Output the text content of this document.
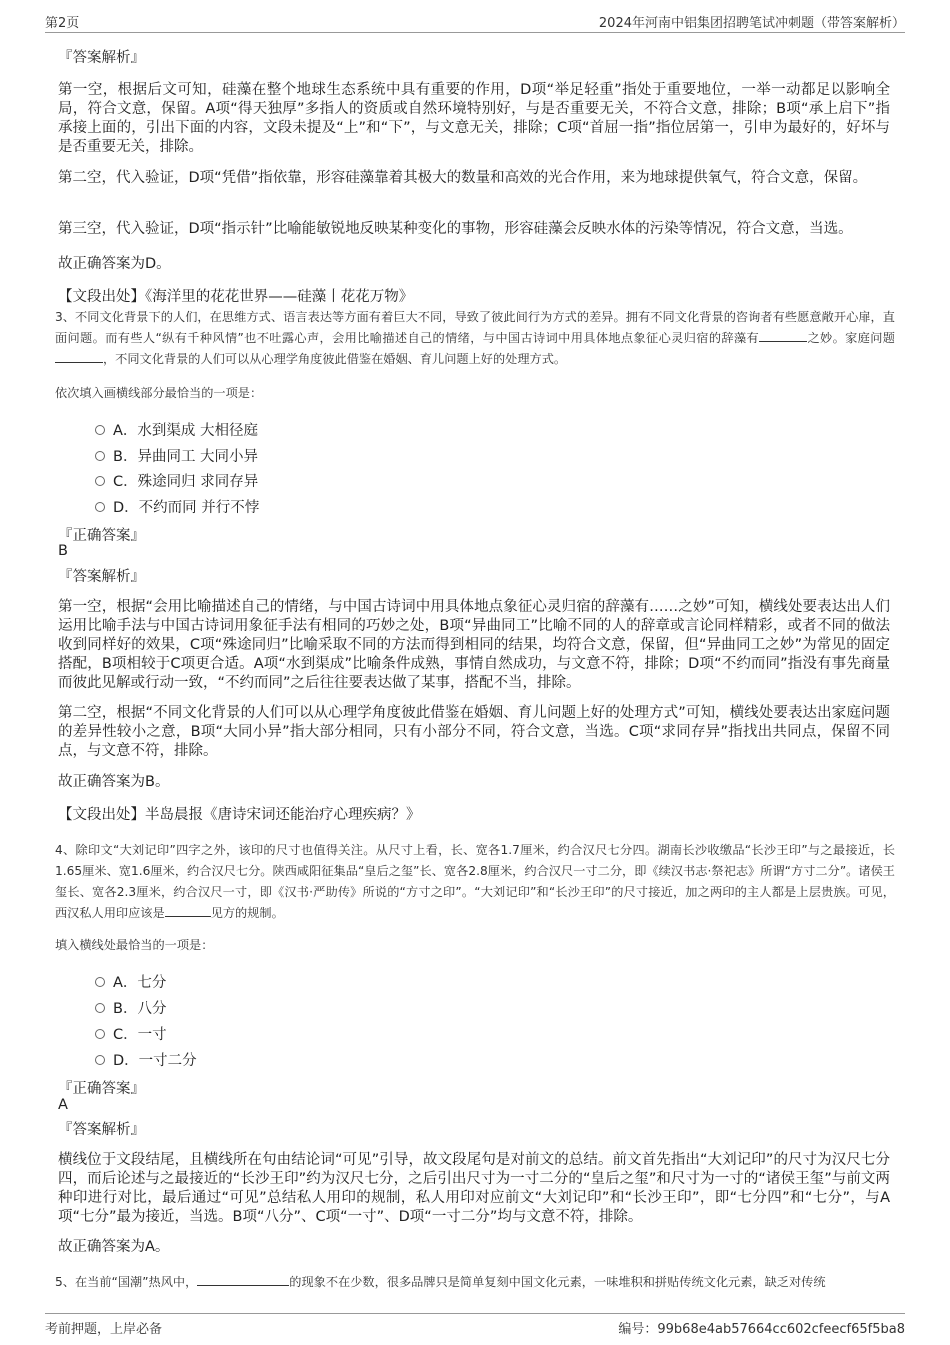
第2页	2024年河南中铝集团招聘笔试冲刺题（带答案解析）
『答案解析』

第一空，根据后文可知，硅藻在整个地球生态系统中具有重要的作用，D项“举足轻重”指处于重要地位，一举一动都足以影响全局，符合文意，保留。A项“得天独厚”多指人的资质或自然环境特别好，与是否重要无关，不符合文意，排除；B项“承上启下”指承接上面的，引出下面的内容，文段未提及“上”和“下”，与文意无关，排除；C项“首屈一指”指位居第一，引申为最好的，好坏与是否重要无关，排除。

第二空，代入验证，D项“凭借”指依靠，形容硅藻靠着其极大的数量和高效的光合作用，来为地球提供氧气，符合文意，保留。

第三空，代入验证，D项“指示针”比喻能敏锐地反映某种变化的事物，形容硅藻会反映水体的污染等情况，符合文意，当选。

故正确答案为D。

【文段出处】《海洋里的花花世界——硅藻丨花花万物》

3、不同文化背景下的人们，在思维方式、语言表达等方面有着巨大不同，导致了彼此间行为方式的差异。拥有不同文化背景的咨询者有些愿意敞开心扉，直面问题。而有些人“纵有千种风情”也不吐露心声，会用比喻描述自己的情绪，与中国古诗词中用具体地点象征心灵归宿的辞藻有	之妙。家庭问题，不同文化背景的人们可以从心理学角度彼此借鉴在婚姻、育儿问题上好的处理方式。

依次填入画横线部分最恰当的一项是：

A．水到渠成 大相径庭
B．异曲同工 大同小异
C．殊途同归 求同存异
D．不约而同 并行不悖
『正确答案』
B
『答案解析』

第一空，根据“会用比喻描述自己的情绪，与中国古诗词中用具体地点象征心灵归宿的辞藻有……之妙”可知，横线处要表达出人们运用比喻手法与中国古诗词用象征手法有相同的巧妙之处，B项“异曲同工”比喻不同的人的辞章或言论同样精彩，或者不同的做法收到同样好的效果，C项“殊途同归”比喻采取不同的方法而得到相同的结果，均符合文意，保留，但“异曲同工之妙”为常见的固定搭配，B项相较于C项更合适。A项“水到渠成”比喻条件成熟，事情自然成功，与文意不符，排除；D项“不约而同”指没有事先商量而彼此见解或行动一致，“不约而同”之后往往要表达做了某事，搭配不当，排除。

第二空，根据“不同文化背景的人们可以从心理学角度彼此借鉴在婚姻、育儿问题上好的处理方式”可知，横线处要表达出家庭问题的差异性较小之意，B项“大同小异”指大部分相同，只有小部分不同，符合文意，当选。C项“求同存异”指找出共同点，保留不同点，与文意不符，排除。

故正确答案为B。

【文段出处】半岛晨报《唐诗宋词还能治疗心理疾病？》

4、除印文“大刘记印”四字之外，该印的尺寸也值得关注。从尺寸上看，长、宽各1.7厘米，约合汉尺七分四。湖南长沙收缴品“长沙王印”与之最接近，长1.65厘米、宽1.6厘米，约合汉尺七分。陕西咸阳征集品“皇后之玺”长、宽各2.8厘米，约合汉尺一寸二分，即《续汉书志·祭祀志》所谓“方寸二分”。诸侯王玺长、宽各2.3厘米，约合汉尺一寸，即《汉书·严助传》所说的“方寸之印”。“大刘记印”和“长沙王印”的尺寸接近，加之两印的主人都是上层贵族。可见，西汉私人用印应该是	见方的规制。

填入横线处最恰当的一项是：

A．七分
B．八分
C．一寸
D．一寸二分
『正确答案』
A
『答案解析』

横线位于文段结尾，且横线所在句由结论词“可见”引导，故文段尾句是对前文的总结。前文首先指出“大刘记印”的尺寸为汉尺七分四，而后论述与之最接近的“长沙王印”约为汉尺七分，之后引出尺寸为一寸二分的“皇后之玺”和尺寸为一寸的“诸侯王玺”与前文两种印进行对比，最后通过“可见”总结私人用印的规制，私人用印对应前文“大刘记印”和“长沙王印”，即“七分四”和“七分”，与A项“七分”最为接近，当选。B项“八分”、C项“一寸”、D项“一寸二分”均与文意不符，排除。

故正确答案为A。

5、在当前“国潮”热风中，	的现象不在少数，很多品牌只是简单复刻中国文化元素，一味堆积和拼贴传统文化元素，缺乏对传统

考前押题，上岸必备	编号：99b68e4ab57664cc602cfeecf65f5ba8
